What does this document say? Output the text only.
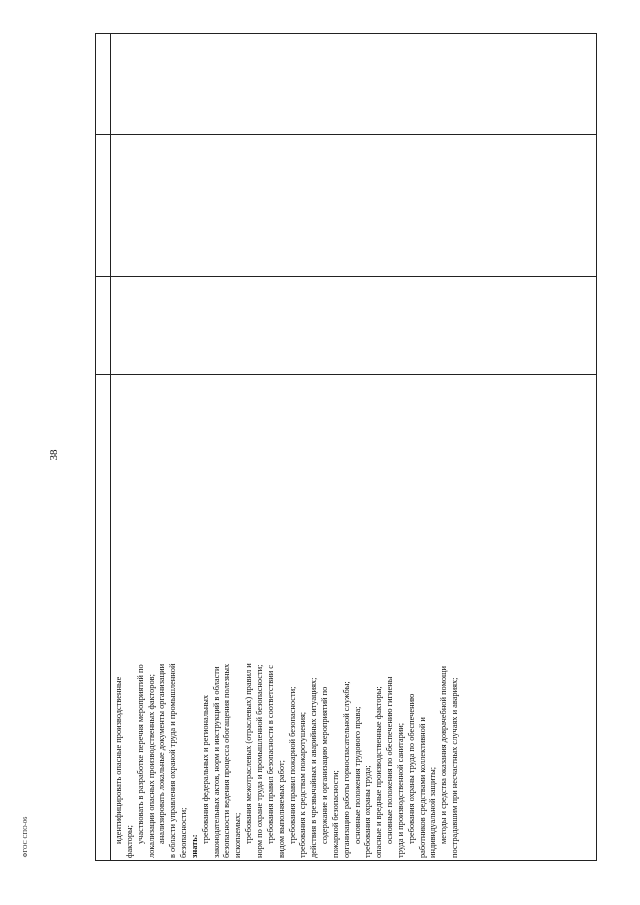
38
ФГОС СПО-06	идентифицировать опасные производственные факторы; участвовать в разработке перечня мероприятий по локализации опасных производственных факторов; анализировать локальные документы организации в области управления охраной труда и промышленной безопасности; знать:
требования федеральных и региональных законодательных актов, норм и инструкций в области безопасности ведения процесса обогащения полезных ископаемых; требования межотраслевых (отраслевых) правил и норм по охране труда и промышленной безопасности; требования правил безопасности в соответствии с видом выполняемых работ; требования правил пожарной безопасности; требования к средствам пожаротушения; действия в чрезвычайных и аварийных ситуациях; содержание и организацию мероприятий по пожарной безопасности; организацию работы горноспасательной службы; основные положения трудового права; требования охраны труда; опасные и вредные производственные факторы; основные положения по обеспечению гигиены труда и производственной санитарии; требования охраны труда по обеспечению работников средствами коллективной и индивидуальной защиты; методы и средства оказания доврачебной помощи пострадавшим при несчастных случаях и авариях;
